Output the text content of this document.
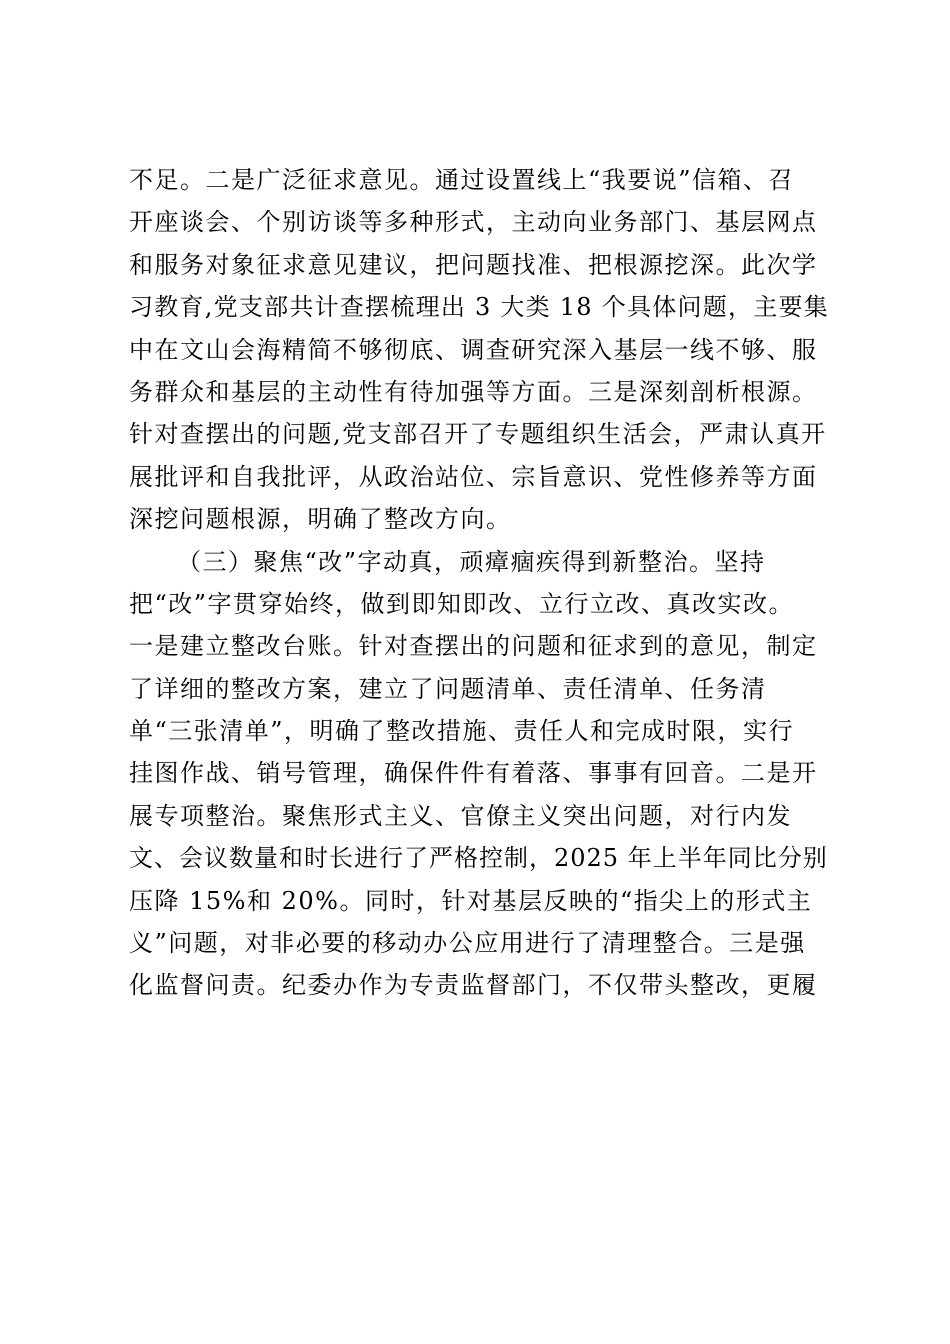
不足。二是广泛征求意见。通过设置线上“我要说”信箱、召
开座谈会、个别访谈等多种形式，主动向业务部门、基层网点
和服务对象征求意见建议，把问题找准、把根源挖深。此次学
习教育,党支部共计查摆梳理出 3 大类 18 个具体问题，主要集
中在文山会海精简不够彻底、调查研究深入基层一线不够、服
务群众和基层的主动性有待加强等方面。三是深刻剖析根源。
针对查摆出的问题,党支部召开了专题组织生活会，严肃认真开
展批评和自我批评，从政治站位、宗旨意识、党性修养等方面
深挖问题根源，明确了整改方向。
（三）聚焦“改”字动真，顽瘴痼疾得到新整治。坚持
把“改”字贯穿始终，做到即知即改、立行立改、真改实改。
一是建立整改台账。针对查摆出的问题和征求到的意见，制定
了详细的整改方案，建立了问题清单、责任清单、任务清
单“三张清单”，明确了整改措施、责任人和完成时限，实行
挂图作战、销号管理，确保件件有着落、事事有回音。二是开
展专项整治。聚焦形式主义、官僚主义突出问题，对行内发
文、会议数量和时长进行了严格控制，2025 年上半年同比分别
压降 15%和 20%。同时，针对基层反映的“指尖上的形式主
义”问题，对非必要的移动办公应用进行了清理整合。三是强
化监督问责。纪委办作为专责监督部门，不仅带头整改，更履
